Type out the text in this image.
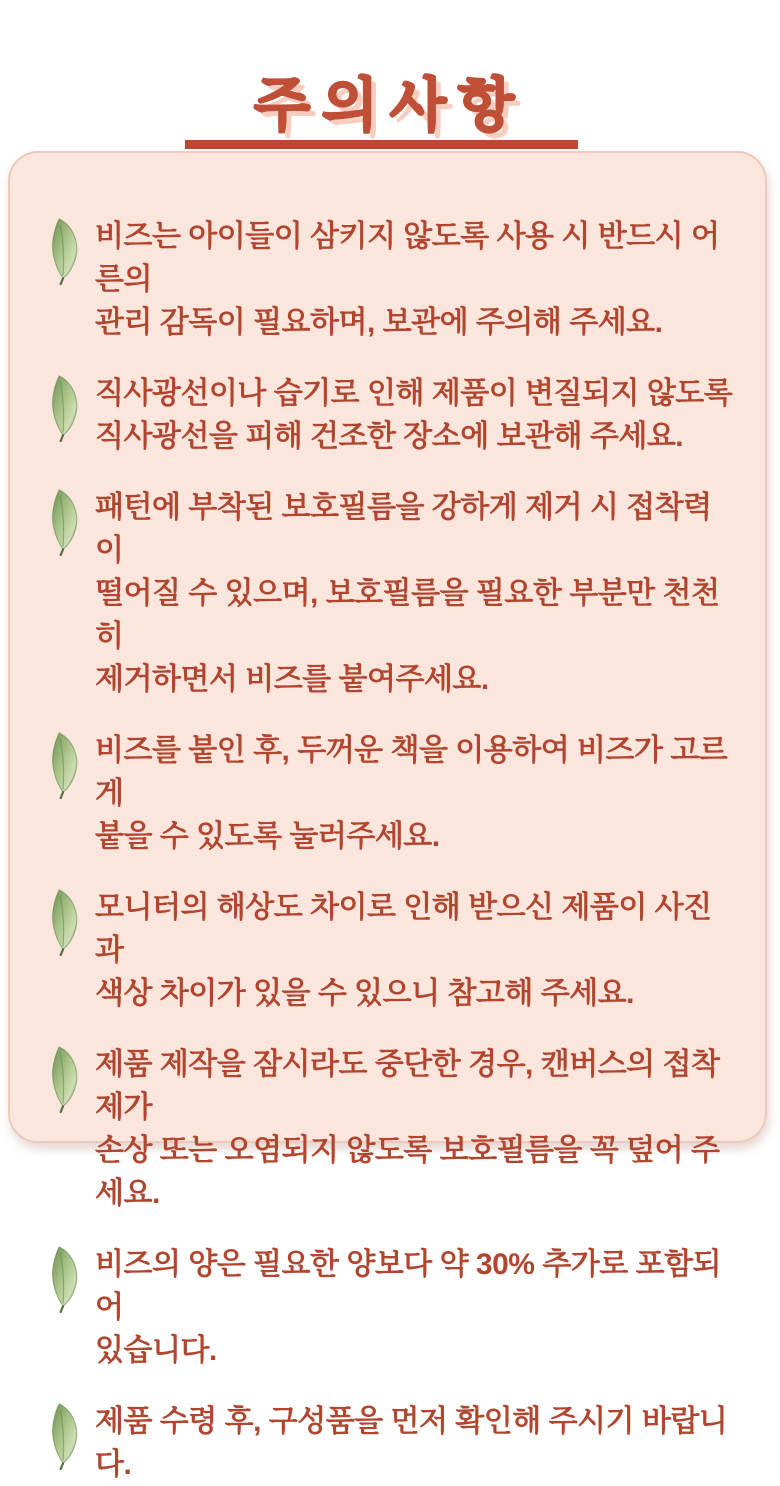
주의사항

비즈는 아이들이 삼키지 않도록 사용 시 반드시 어른의
관리 감독이 필요하며, 보관에 주의해 주세요.

직사광선이나 습기로 인해 제품이 변질되지 않도록
직사광선을 피해 건조한 장소에 보관해 주세요.

패턴에 부착된 보호필름을 강하게 제거 시 접착력이
떨어질 수 있으며, 보호필름을 필요한 부분만 천천히
제거하면서 비즈를 붙여주세요.

비즈를 붙인 후, 두꺼운 책을 이용하여 비즈가 고르게
붙을 수 있도록 눌러주세요.

모니터의 해상도 차이로 인해 받으신 제품이 사진과
색상 차이가 있을 수 있으니 참고해 주세요.

제품 제작을 잠시라도 중단한 경우, 캔버스의 접착제가
손상 또는 오염되지 않도록 보호필름을 꼭 덮어 주세요.

비즈의 양은 필요한 양보다 약 30% 추가로 포함되어
있습니다.

제품 수령 후, 구성품을 먼저 확인해 주시기 바랍니다.
